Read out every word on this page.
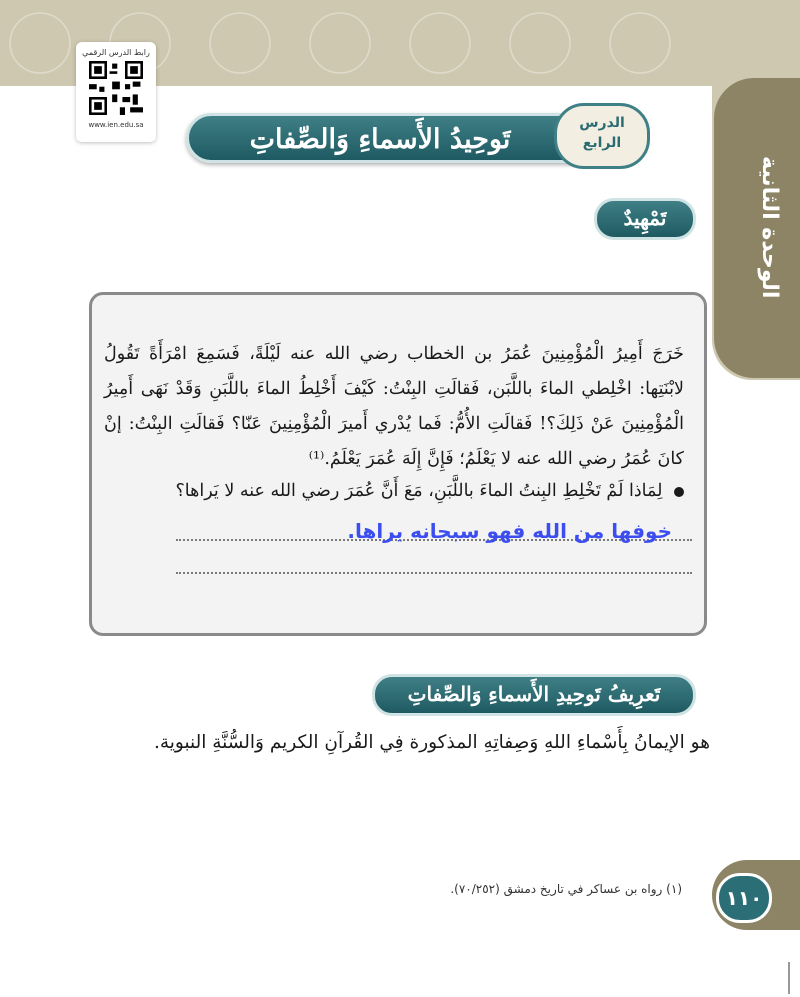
الوحدة الثانية
رابط الدرس الرقمي
www.ien.edu.sa	تَوحِيدُ الأَسماءِ وَالصِّفاتِ
الدرس
الرابع
تَمْهِيدٌ
خَرَجَ أَمِيرُ الْمُؤْمِنِينَ عُمَرُ بن الخطاب رضي الله عنه لَيْلَةً، فَسَمِعَ امْرَأَةً تَقُولُ لابْنَتِها: اخْلِطي الماءَ باللَّبَن، فَقالَتِ البِنْتُ: كَيْفَ أَخْلِطُ الماءَ باللَّبَنِ وَقَدْ نَهَى أَمِيرُ الْمُؤْمِنِينَ عَنْ ذَلِكَ؟! فَقالَتِ الأُمُّ: فَما يُدْري أَميرَ الْمُؤْمِنِينَ عَنّا؟ فَقالَتِ البِنْتُ: إنْ كانَ عُمَرُ رضي الله عنه لا يَعْلَمُ؛ فَإِنَّ إِلَهَ عُمَرَ يَعْلَمُ.⁽¹⁾
لِمَاذا لَمْ تَخْلِطِ البِنتُ الماءَ باللَّبَنِ، مَعَ أَنَّ عُمَرَ رضي الله عنه لا يَراها؟
خوفها من الله فهو سبحانه يراها.
تَعرِيفُ تَوحِيدِ الأَسماءِ وَالصِّفاتِ
هو الإيمانُ بِأَسْماءِ اللهِ وَصِفاتِهِ المذكورة فِي القُرآنِ الكريم وَالسُّنَّةِ النبوية.
(١) رواه بن عساكر في تاريخ دمشق (٧٠/٢٥٢).	١١٠
